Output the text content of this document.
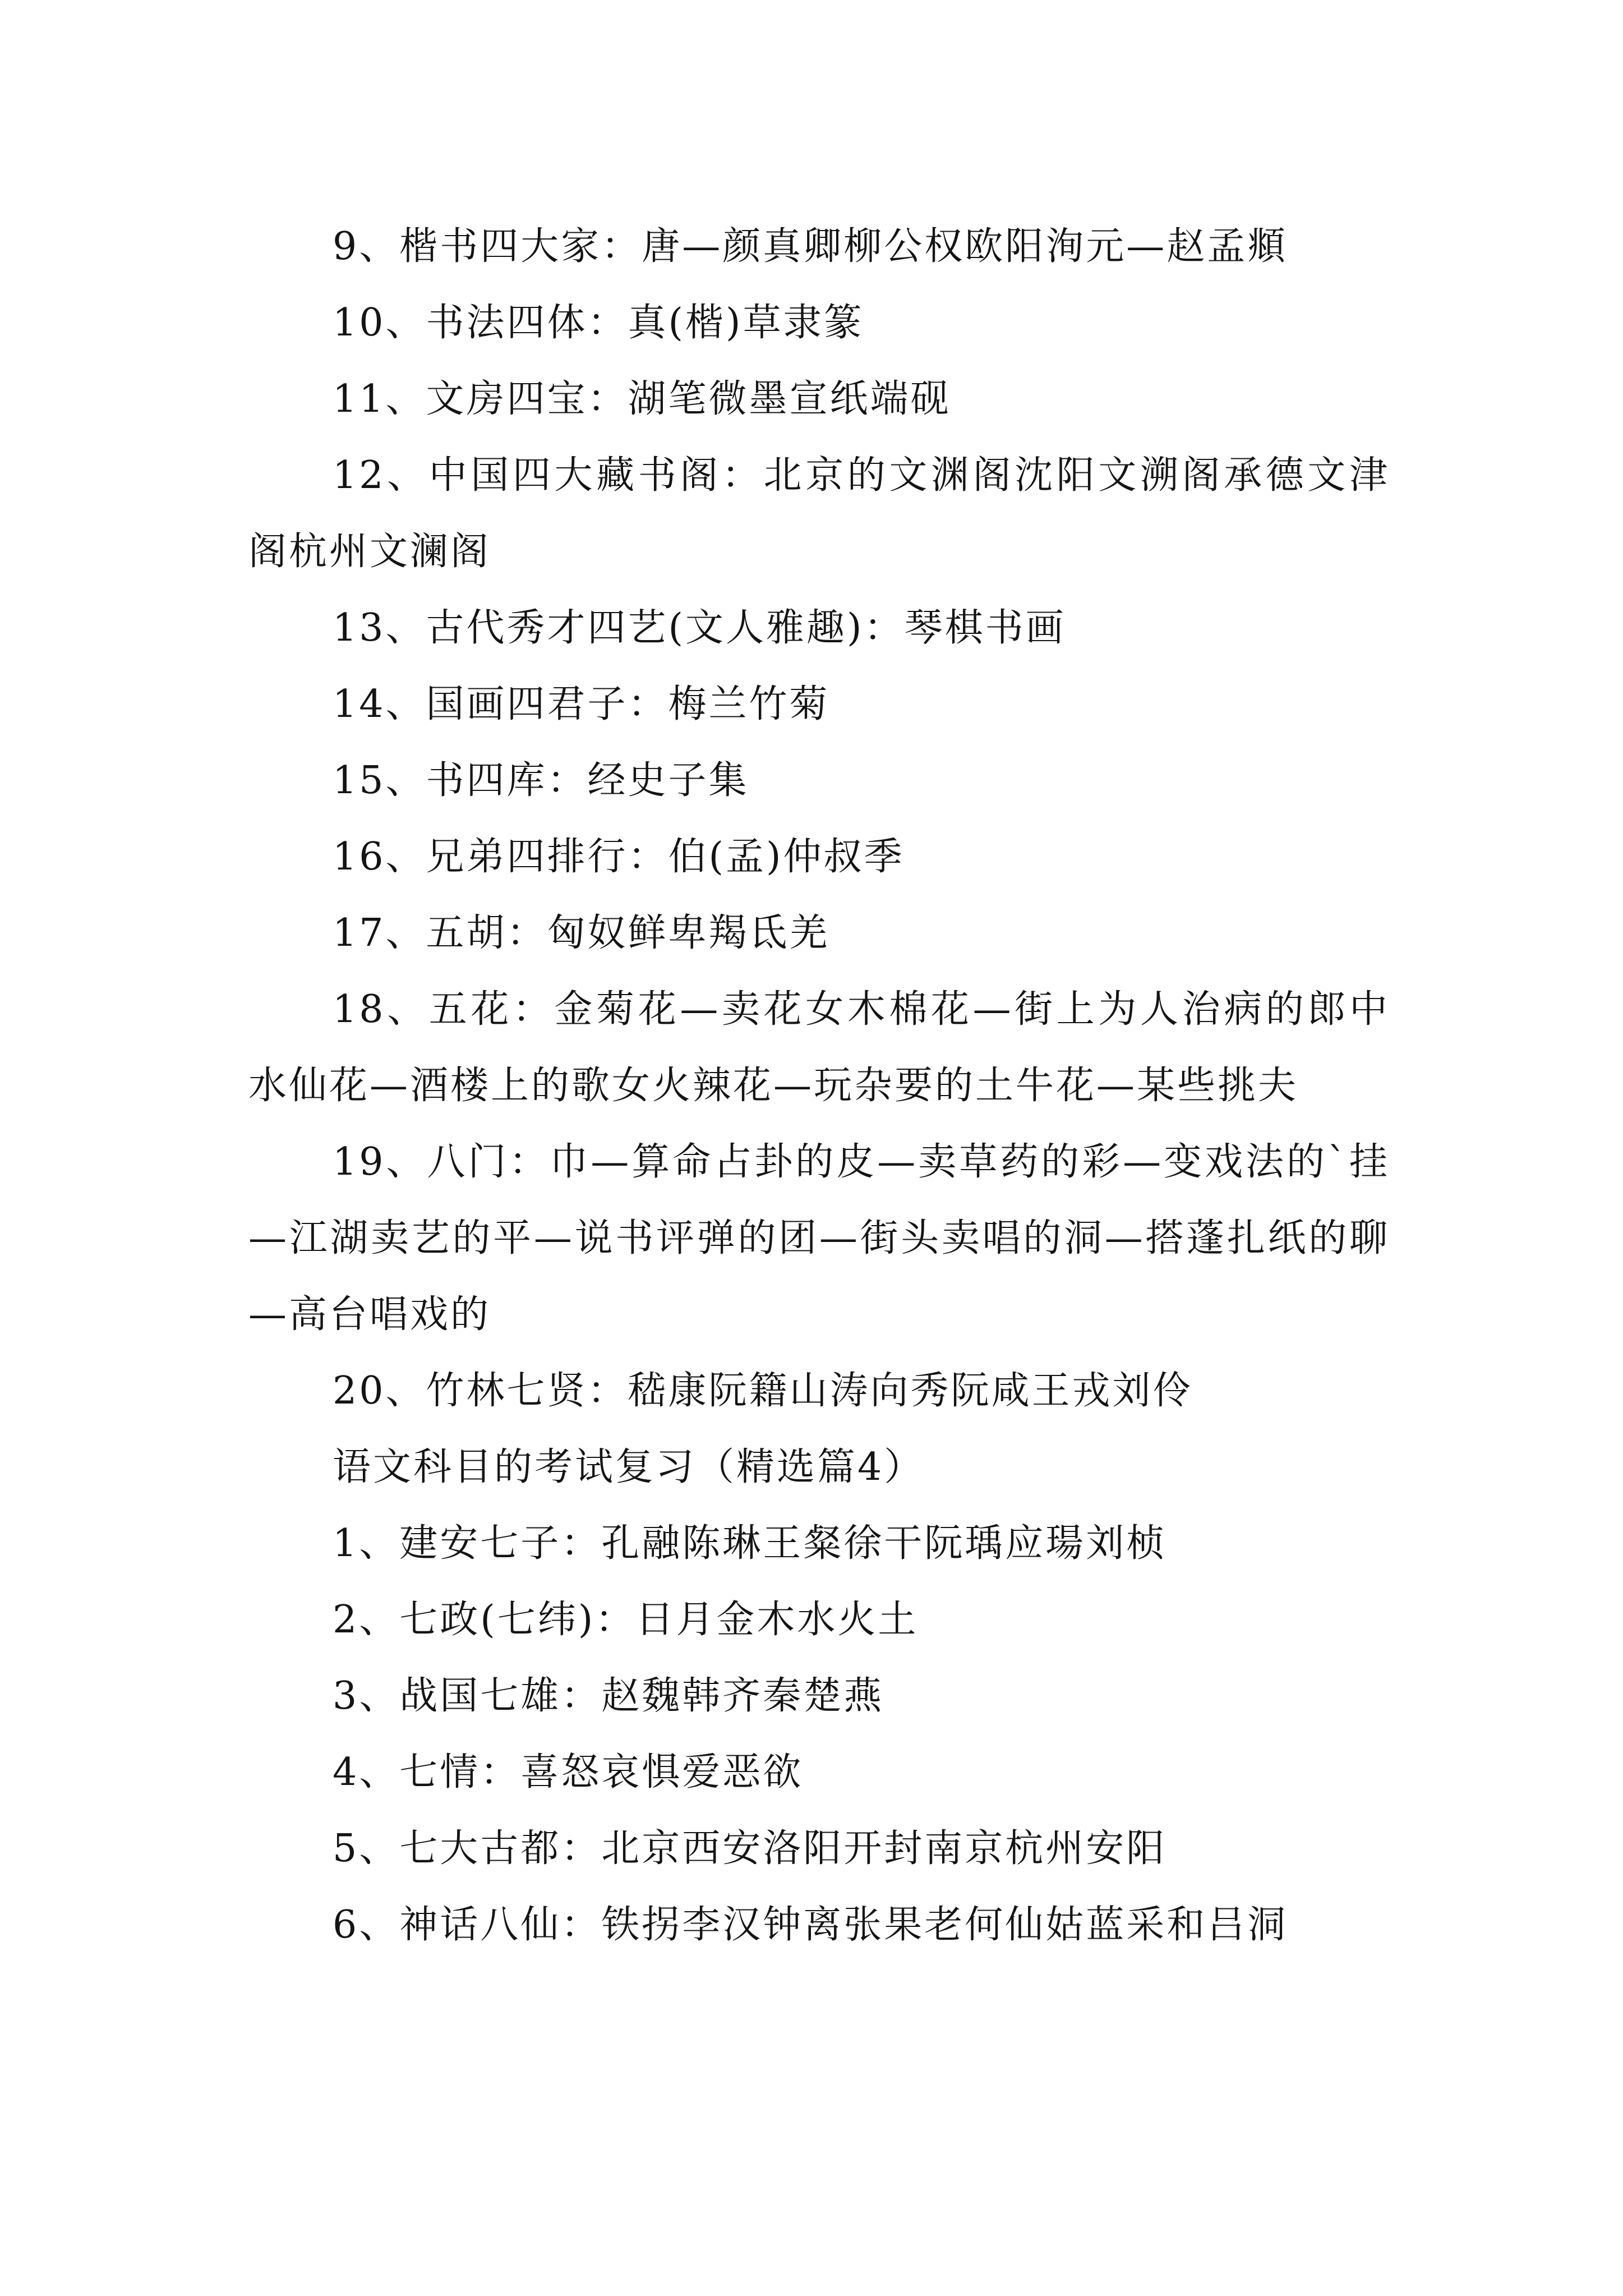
9、楷书四大家：唐—颜真卿柳公权欧阳洵元—赵孟頫

10、书法四体：真(楷)草隶篆

11、文房四宝：湖笔微墨宣纸端砚

12、中国四大藏书阁：北京的文渊阁沈阳文溯阁承德文津阁杭州文澜阁

13、古代秀才四艺(文人雅趣)：琴棋书画

14、国画四君子：梅兰竹菊

15、书四库：经史子集

16、兄弟四排行：伯(孟)仲叔季

17、五胡：匈奴鲜卑羯氐羌

18、五花：金菊花—卖花女木棉花—街上为人治病的郎中水仙花—酒楼上的歌女火辣花—玩杂要的土牛花—某些挑夫

19、八门：巾—算命占卦的皮—卖草药的彩—变戏法的`挂—江湖卖艺的平—说书评弹的团—街头卖唱的洞—搭蓬扎纸的聊—高台唱戏的

20、竹林七贤：嵇康阮籍山涛向秀阮咸王戎刘伶

语文科目的考试复习（精选篇4）

1、建安七子：孔融陈琳王粲徐干阮瑀应瑒刘桢

2、七政(七纬)：日月金木水火土

3、战国七雄：赵魏韩齐秦楚燕

4、七情：喜怒哀惧爱恶欲

5、七大古都：北京西安洛阳开封南京杭州安阳

6、神话八仙：铁拐李汉钟离张果老何仙姑蓝采和吕洞
